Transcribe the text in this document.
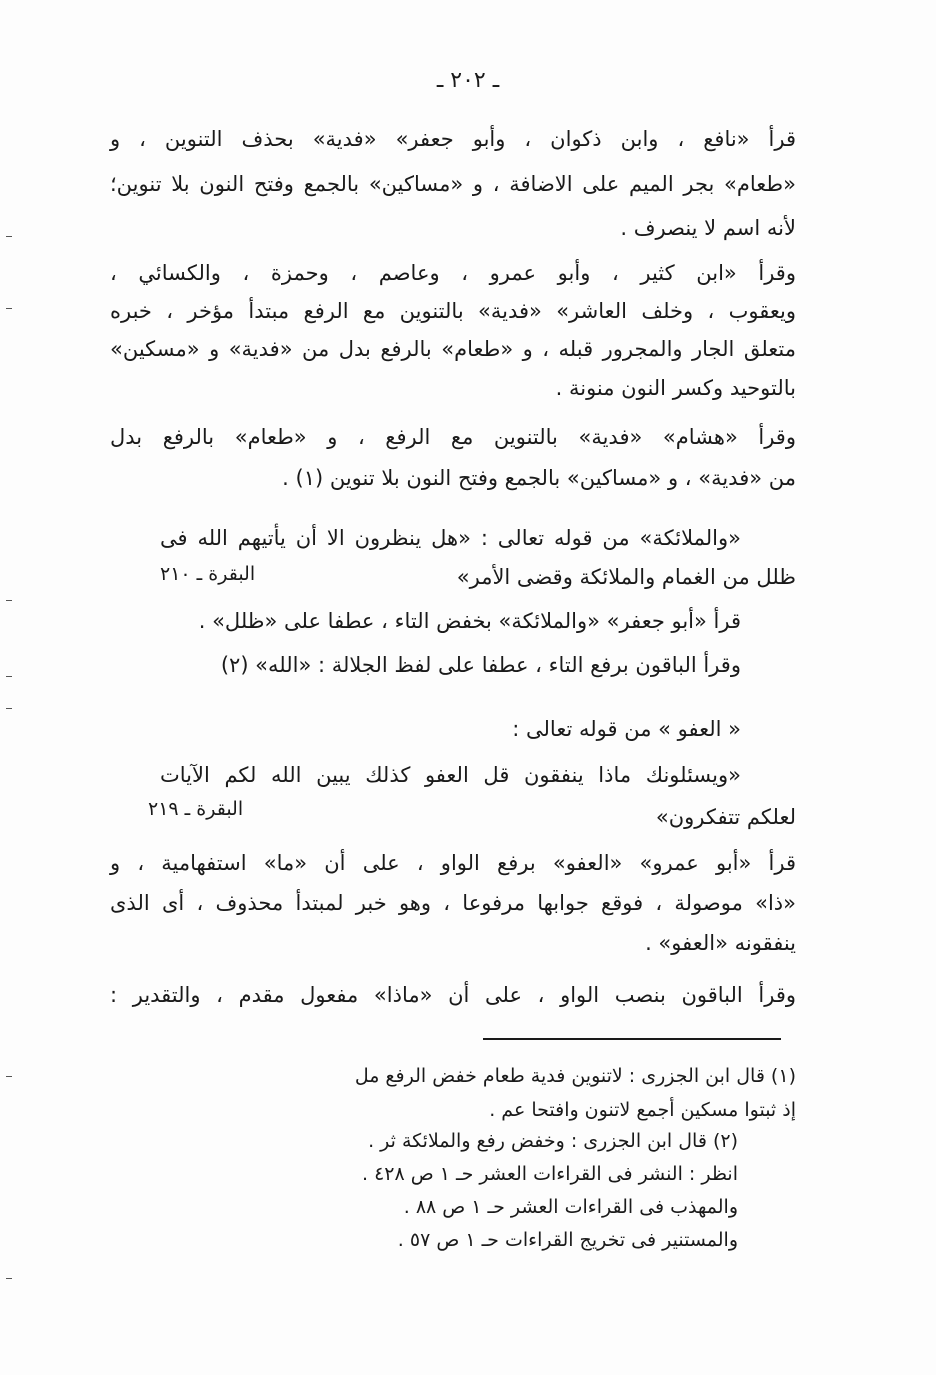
ـ ٢٠٢ ـ
قرأ «نافع ، وابن ذكوان ، وأبو جعفر» «فدية» بحذف التنوين ، و
«طعام» بجر الميم على الاضافة ، و «مساكين» بالجمع وفتح النون بلا تنوين؛
لأنه اسم لا ينصرف .
وقرأ «ابن كثير ، وأبو عمرو ، وعاصم ، وحمزة ، والكسائي ،
ويعقوب ، وخلف العاشر» «فدية» بالتنوين مع الرفع مبتدأ مؤخر ، خبره
متعلق الجار والمجرور قبله ، و «طعام» بالرفع بدل من «فدية» و «مسكين»
بالتوحيد وكسر النون منونة .
وقرأ «هشام» «فدية» بالتنوين مع الرفع ، و «طعام» بالرفع بدل
من «فدية» ، و «مساكين» بالجمع وفتح النون بلا تنوين (١) .
«والملائكة» من قوله تعالى : «هل ينظرون الا أن يأتيهم الله فى
ظلل من الغمام والملائكة وقضى الأمر»
البقرة ـ ٢١٠
قرأ «أبو جعفر» «والملائكة» بخفض التاء ، عطفا على «ظلل» .
وقرأ الباقون برفع التاء ، عطفا على لفظ الجلالة : «الله» (٢)
« العفو » من قوله تعالى :
«ويسئلونك ماذا ينفقون قل العفو كذلك يبين الله لكم الآيات
لعلكم تتفكرون»
البقرة ـ ٢١٩
قرأ «أبو عمرو» «العفو» برفع الواو ، على أن «ما» استفهامية ، و
«ذا» موصولة ، فوقع جوابها مرفوعا ، وهو خبر لمبتدأ محذوف ، أى الذى
ينفقونه «العفو» .
وقرأ الباقون بنصب الواو ، على أن «ماذا» مفعول مقدم ، والتقدير :
(١) قال ابن الجزرى : لاتنوين فدية طعام خفض الرفع مل
إذ ثبتوا مسكين أجمع لاتنون وافتحا عم .
(٢) قال ابن الجزرى : وخفض رفع والملائكة ثر .
انظر : النشر فى القراءات العشر حـ ١ ص ٤٢٨ .
والمهذب فى القراءات العشر حـ ١ ص ٨٨ .
والمستنير فى تخريج القراءات حـ ١ ص ٥٧ .
